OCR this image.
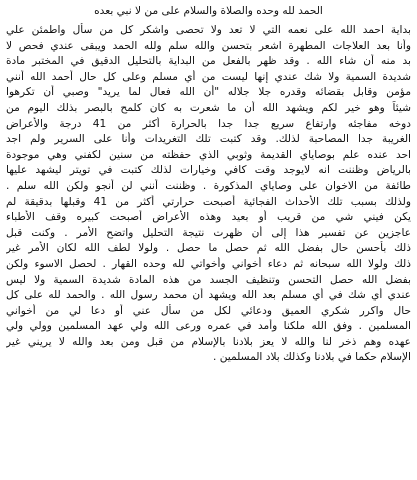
الحمد لله وحده والصلاة والسلام على من لا نبي بعده
بداية احمد الله على نعمه التي لا تعد ولا تحصى واشكر كل من سأل واطمئن علي
وأنا بعد العلاجات المطهرة اشعر بتحسن والله سلم ولله الحمد ويبقى عندي فحص لا
بد منه أن شاء الله . وقد ظهر بالفعل من البداية بالتحليل الدقيق في المختبر مادة
شديدة السمية ولا شك عندي إنها ليست من أي مسلم وعلى كل حال أحمد الله أنني
مؤمن وقابل بقضائه وقدره جلا جلاله "أن الله فعال لما يريد" وصبي أن تكرهوا
شيئاً وهو خير لكم ويشهد الله أن ما شعرت به كان كلمح بالبصر بذلك اليوم من
دوخه مفاجئه وارتفاع سريع جدا جدا بالحرارة أكثر من 41 درجة والأعراض
الغريبة جدا المصاحبة لذلك. وقد كتبت تلك التغريدات وأنا على السرير ولم اجد
احد عنده علم بوصاياي القديمة وثوبي الذي حفظته من سنين لكفني وهي موجودة
بالرياض وظننت انه لايوجد وقت كافي وخيارات لذلك كتبت في تويتر ليشهد عليها
طائفة من الاخوان على وصاياي المذكورة . وظننت أنني لن أنجو ولكن الله سلم .
ولذلك بسبب تلك الأحداث الفجائية أصبحت حرارتي أكثر من 41 وقبلها بدقيقة لم
يكن فيني شي من قريب أو بعيد وهذه الأعراض أصبحت كبيره وقف الأطباء
عاجزين عن تفسير هذا إلى أن ظهرت نتيجة التحليل واتضح الأمر . وكنت قبل
ذلك بأحسن حال بفضل الله ثم حصل ما حصل . ولولا لطف الله لكان الأمر غير
ذلك ولولا الله سبحانه ثم دعاء أخواني وأخواتي لله وحده القهار . لحصل الاسوء ولكن
بفضل الله حصل التحسن وتنظيف الجسد من هذه المادة شديدة السمية ولا ليس
عندي أي شك في أي مسلم بعد الله ويشهد أن محمد رسول الله . والحمد لله على كل
حال واكرر شكري العميق ودعائي لكل من سأل عني أو دعا لي من أخواني
المسلمين . وفق الله ملكنا وأمد في عمره ورعى الله ولي عهد المسلمين وولي ولي
عهده وهم ذخر لنا والله لا يعز بلادنا بالإسلام من قبل ومن بعد والله لا يريني غير
الإسلام حكما في بلادنا وكذلك بلاد المسلمين .
